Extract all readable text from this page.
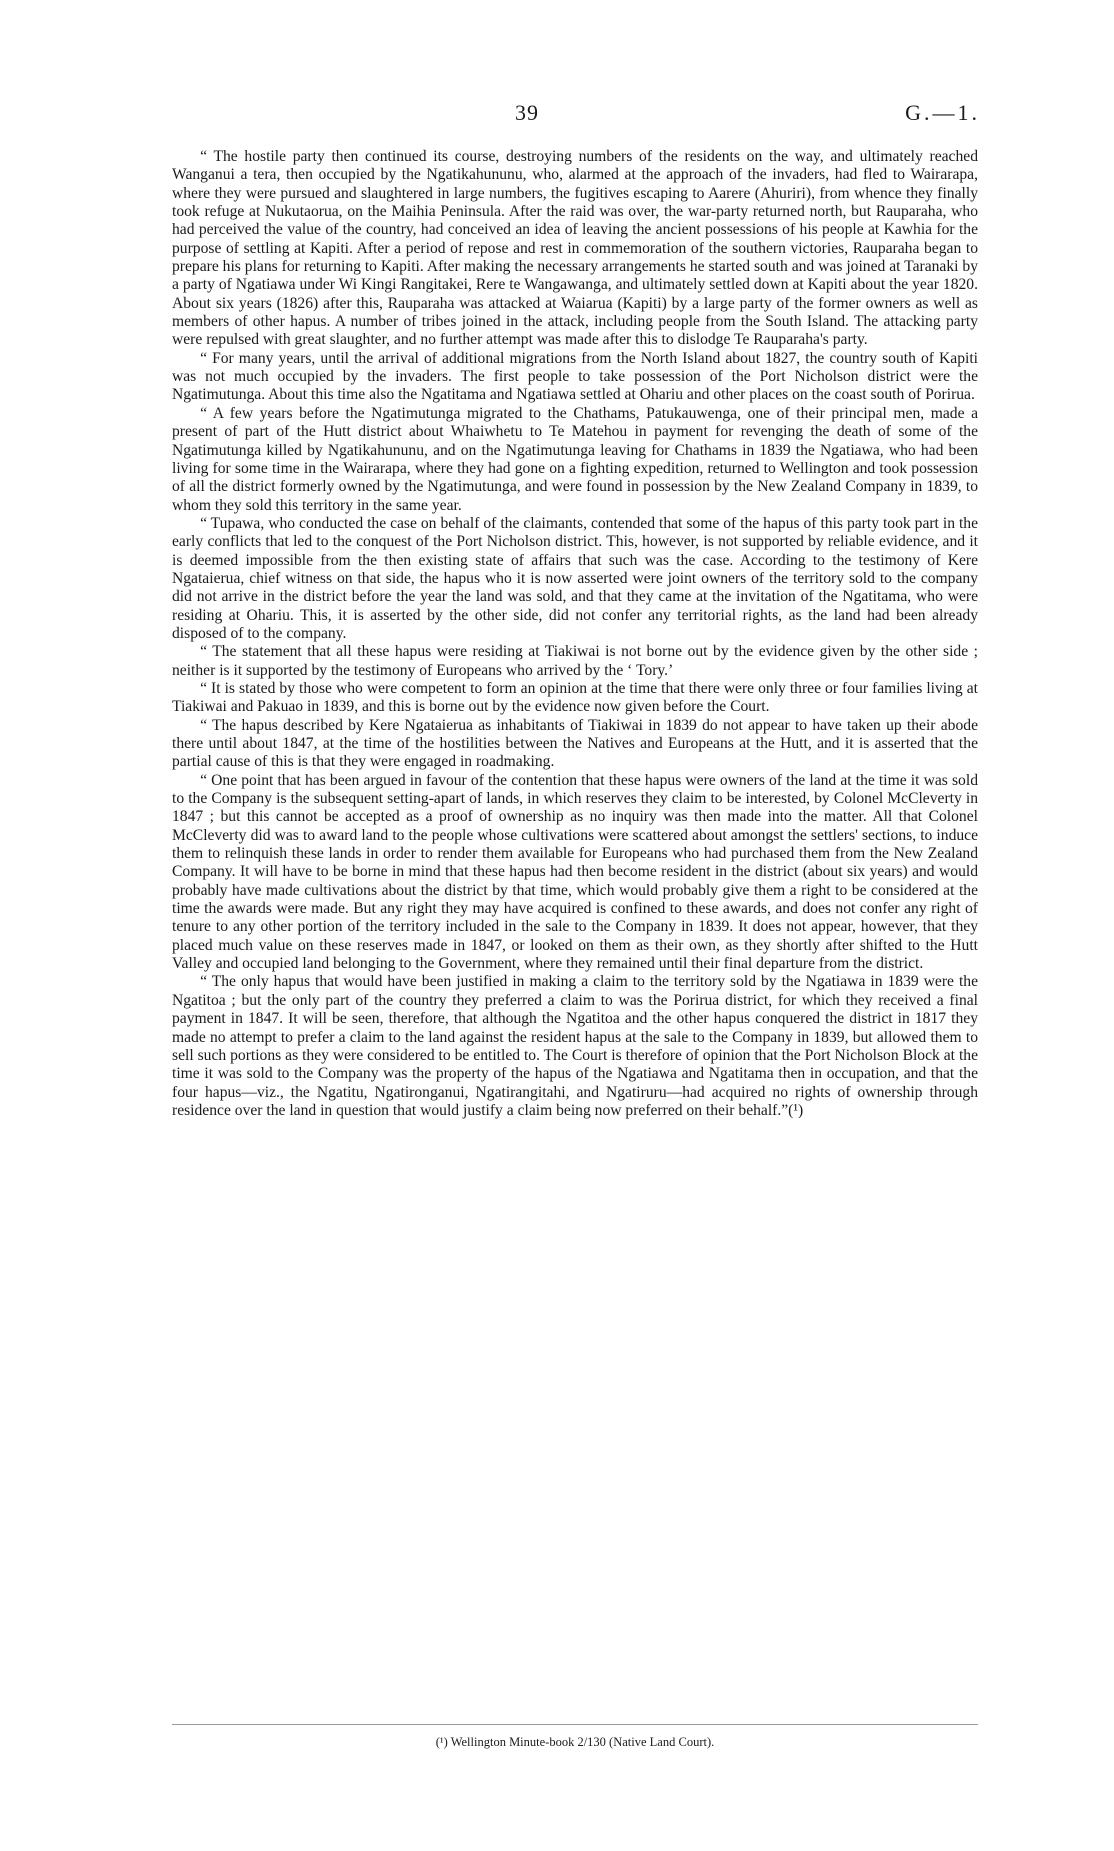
39	G.—1.

“ The hostile party then continued its course, destroying numbers of the residents on the way, and ultimately reached Wanganui a tera, then occupied by the Ngatikahununu, who, alarmed at the approach of the invaders, had fled to Wairarapa, where they were pursued and slaughtered in large numbers, the fugitives escaping to Aarere (Ahuriri), from whence they finally took refuge at Nukutaorua, on the Maihia Peninsula. After the raid was over, the war-party returned north, but Rauparaha, who had perceived the value of the country, had conceived an idea of leaving the ancient possessions of his people at Kawhia for the purpose of settling at Kapiti. After a period of repose and rest in commemoration of the southern victories, Rauparaha began to prepare his plans for returning to Kapiti. After making the necessary arrangements he started south and was joined at Taranaki by a party of Ngatiawa under Wi Kingi Rangitakei, Rere te Wangawanga, and ultimately settled down at Kapiti about the year 1820. About six years (1826) after this, Rauparaha was attacked at Waiarua (Kapiti) by a large party of the former owners as well as members of other hapus. A number of tribes joined in the attack, including people from the South Island. The attacking party were repulsed with great slaughter, and no further attempt was made after this to dislodge Te Rauparaha's party.

“ For many years, until the arrival of additional migrations from the North Island about 1827, the country south of Kapiti was not much occupied by the invaders. The first people to take possession of the Port Nicholson district were the Ngatimutunga. About this time also the Ngatitama and Ngatiawa settled at Ohariu and other places on the coast south of Porirua.

“ A few years before the Ngatimutunga migrated to the Chathams, Patukauwenga, one of their principal men, made a present of part of the Hutt district about Whaiwhetu to Te Matehou in payment for revenging the death of some of the Ngatimutunga killed by Ngatikahununu, and on the Ngatimutunga leaving for Chathams in 1839 the Ngatiawa, who had been living for some time in the Wairarapa, where they had gone on a fighting expedition, returned to Wellington and took possession of all the district formerly owned by the Ngatimutunga, and were found in possession by the New Zealand Company in 1839, to whom they sold this territory in the same year.

“ Tupawa, who conducted the case on behalf of the claimants, contended that some of the hapus of this party took part in the early conflicts that led to the conquest of the Port Nicholson district. This, however, is not supported by reliable evidence, and it is deemed impossible from the then existing state of affairs that such was the case. According to the testimony of Kere Ngataierua, chief witness on that side, the hapus who it is now asserted were joint owners of the territory sold to the company did not arrive in the district before the year the land was sold, and that they came at the invitation of the Ngatitama, who were residing at Ohariu. This, it is asserted by the other side, did not confer any territorial rights, as the land had been already disposed of to the company.

“ The statement that all these hapus were residing at Tiakiwai is not borne out by the evidence given by the other side ; neither is it supported by the testimony of Europeans who arrived by the ‘ Tory.’

“ It is stated by those who were competent to form an opinion at the time that there were only three or four families living at Tiakiwai and Pakuao in 1839, and this is borne out by the evidence now given before the Court.

“ The hapus described by Kere Ngataierua as inhabitants of Tiakiwai in 1839 do not appear to have taken up their abode there until about 1847, at the time of the hostilities between the Natives and Europeans at the Hutt, and it is asserted that the partial cause of this is that they were engaged in roadmaking.

“ One point that has been argued in favour of the contention that these hapus were owners of the land at the time it was sold to the Company is the subsequent setting-apart of lands, in which reserves they claim to be interested, by Colonel McCleverty in 1847 ; but this cannot be accepted as a proof of ownership as no inquiry was then made into the matter. All that Colonel McCleverty did was to award land to the people whose cultivations were scattered about amongst the settlers' sections, to induce them to relinquish these lands in order to render them available for Europeans who had purchased them from the New Zealand Company. It will have to be borne in mind that these hapus had then become resident in the district (about six years) and would probably have made cultivations about the district by that time, which would probably give them a right to be considered at the time the awards were made. But any right they may have acquired is confined to these awards, and does not confer any right of tenure to any other portion of the territory included in the sale to the Company in 1839. It does not appear, however, that they placed much value on these reserves made in 1847, or looked on them as their own, as they shortly after shifted to the Hutt Valley and occupied land belonging to the Government, where they remained until their final departure from the district.

“ The only hapus that would have been justified in making a claim to the territory sold by the Ngatiawa in 1839 were the Ngatitoa ; but the only part of the country they preferred a claim to was the Porirua district, for which they received a final payment in 1847. It will be seen, therefore, that although the Ngatitoa and the other hapus conquered the district in 1817 they made no attempt to prefer a claim to the land against the resident hapus at the sale to the Company in 1839, but allowed them to sell such portions as they were considered to be entitled to. The Court is therefore of opinion that the Port Nicholson Block at the time it was sold to the Company was the property of the hapus of the Ngatiawa and Ngatitama then in occupation, and that the four hapus—viz., the Ngatitu, Ngatironganui, Ngatirangitahi, and Ngatiruru—had acquired no rights of ownership through residence over the land in question that would justify a claim being now preferred on their behalf.”(¹)

(¹) Wellington Minute-book 2/130 (Native Land Court).
